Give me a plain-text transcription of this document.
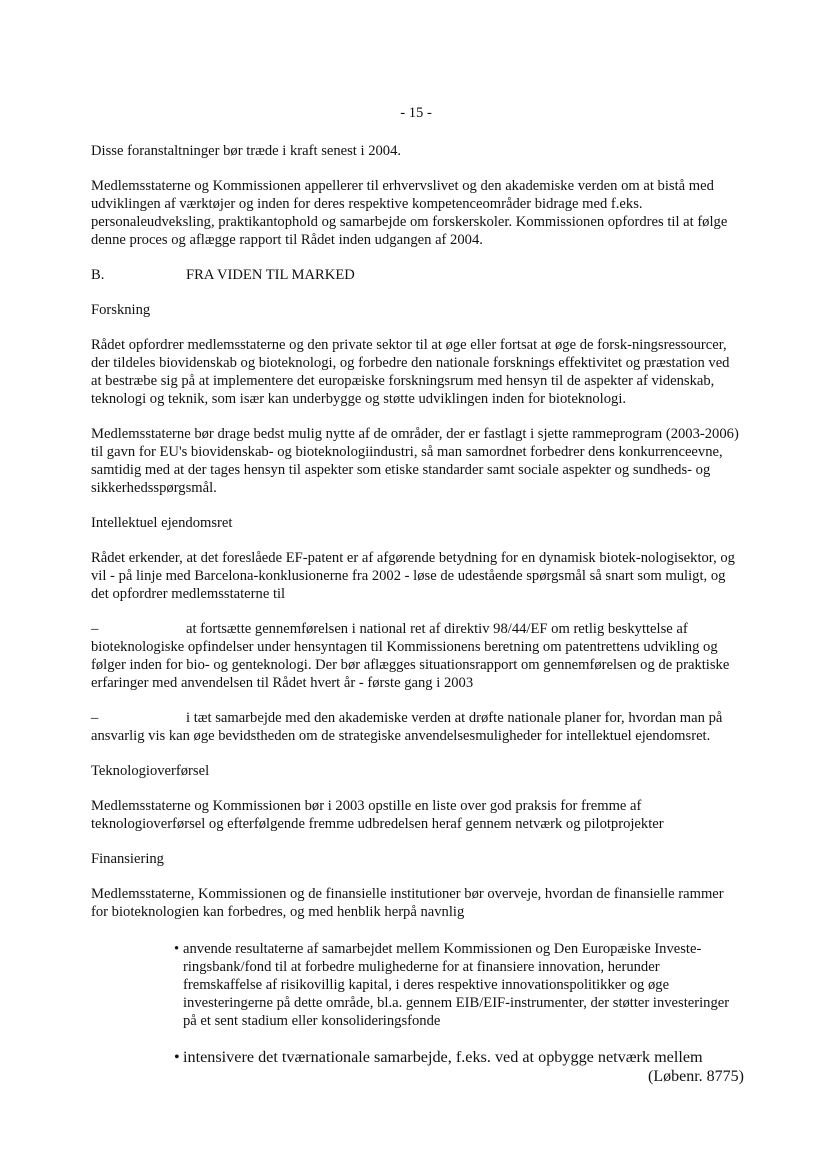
- 15 -

Disse foranstaltninger bør træde i kraft senest i 2004.

Medlemsstaterne og Kommissionen appellerer til erhvervslivet og den akademiske verden om at bistå med udviklingen af værktøjer og inden for deres respektive kompetenceområder bidrage med f.eks. personaleudveksling, praktikantophold og samarbejde om forskerskoler. Kommissionen opfordres til at følge denne proces og aflægge rapport til Rådet inden udgangen af 2004.

B.	FRA VIDEN TIL MARKED

Forskning

Rådet opfordrer medlemsstaterne og den private sektor til at øge eller fortsat at øge de forsk-ningsressourcer, der tildeles biovidenskab og bioteknologi, og forbedre den nationale forsknings effektivitet og præstation ved at bestræbe sig på at implementere det europæiske forskningsrum med hensyn til de aspekter af videnskab, teknologi og teknik, som især kan underbygge og støtte udviklingen inden for bioteknologi.

Medlemsstaterne bør drage bedst mulig nytte af de områder, der er fastlagt i sjette rammeprogram (2003-2006) til gavn for EU's biovidenskab- og bioteknologiindustri, så man samordnet forbedrer dens konkurrenceevne, samtidig med at der tages hensyn til aspekter som etiske standarder samt sociale aspekter og sundheds- og sikkerhedsspørgsmål.

Intellektuel ejendomsret

Rådet erkender, at det foreslåede EF-patent er af afgørende betydning for en dynamisk biotek-nologisektor, og vil - på linje med Barcelona-konklusionerne fra 2002 - løse de udestående spørgsmål så snart som muligt, og det opfordrer medlemsstaterne til

–	at fortsætte gennemførelsen i national ret af direktiv 98/44/EF om retlig beskyttelse af bioteknologiske opfindelser under hensyntagen til Kommissionens beretning om patentrettens udvikling og følger inden for bio- og genteknologi. Der bør aflægges situationsrapport om gennemførelsen og de praktiske erfaringer med anvendelsen til Rådet hvert år - første gang i 2003

–	i tæt samarbejde med den akademiske verden at drøfte nationale planer for, hvordan man på ansvarlig vis kan øge bevidstheden om de strategiske anvendelsesmuligheder for intellektuel ejendomsret.

Teknologioverførsel

Medlemsstaterne og Kommissionen bør i 2003 opstille en liste over god praksis for fremme af teknologioverførsel og efterfølgende fremme udbredelsen heraf gennem netværk og pilotprojekter

Finansiering

Medlemsstaterne, Kommissionen og de finansielle institutioner bør overveje, hvordan de finansielle rammer for bioteknologien kan forbedres, og med henblik herpå navnlig

• anvende resultaterne af samarbejdet mellem Kommissionen og Den Europæiske Investe-ringsbank/fond til at forbedre mulighederne for at finansiere innovation, herunder fremskaffelse af risikovillig kapital, i deres respektive innovationspolitikker og øge investeringerne på dette område, bl.a. gennem EIB/EIF-instrumenter, der støtter investeringer på et sent stadium eller konsolideringsfonde
• intensivere det tværnationale samarbejde, f.eks. ved at opbygge netværk mellem
(Løbenr. 8775)
